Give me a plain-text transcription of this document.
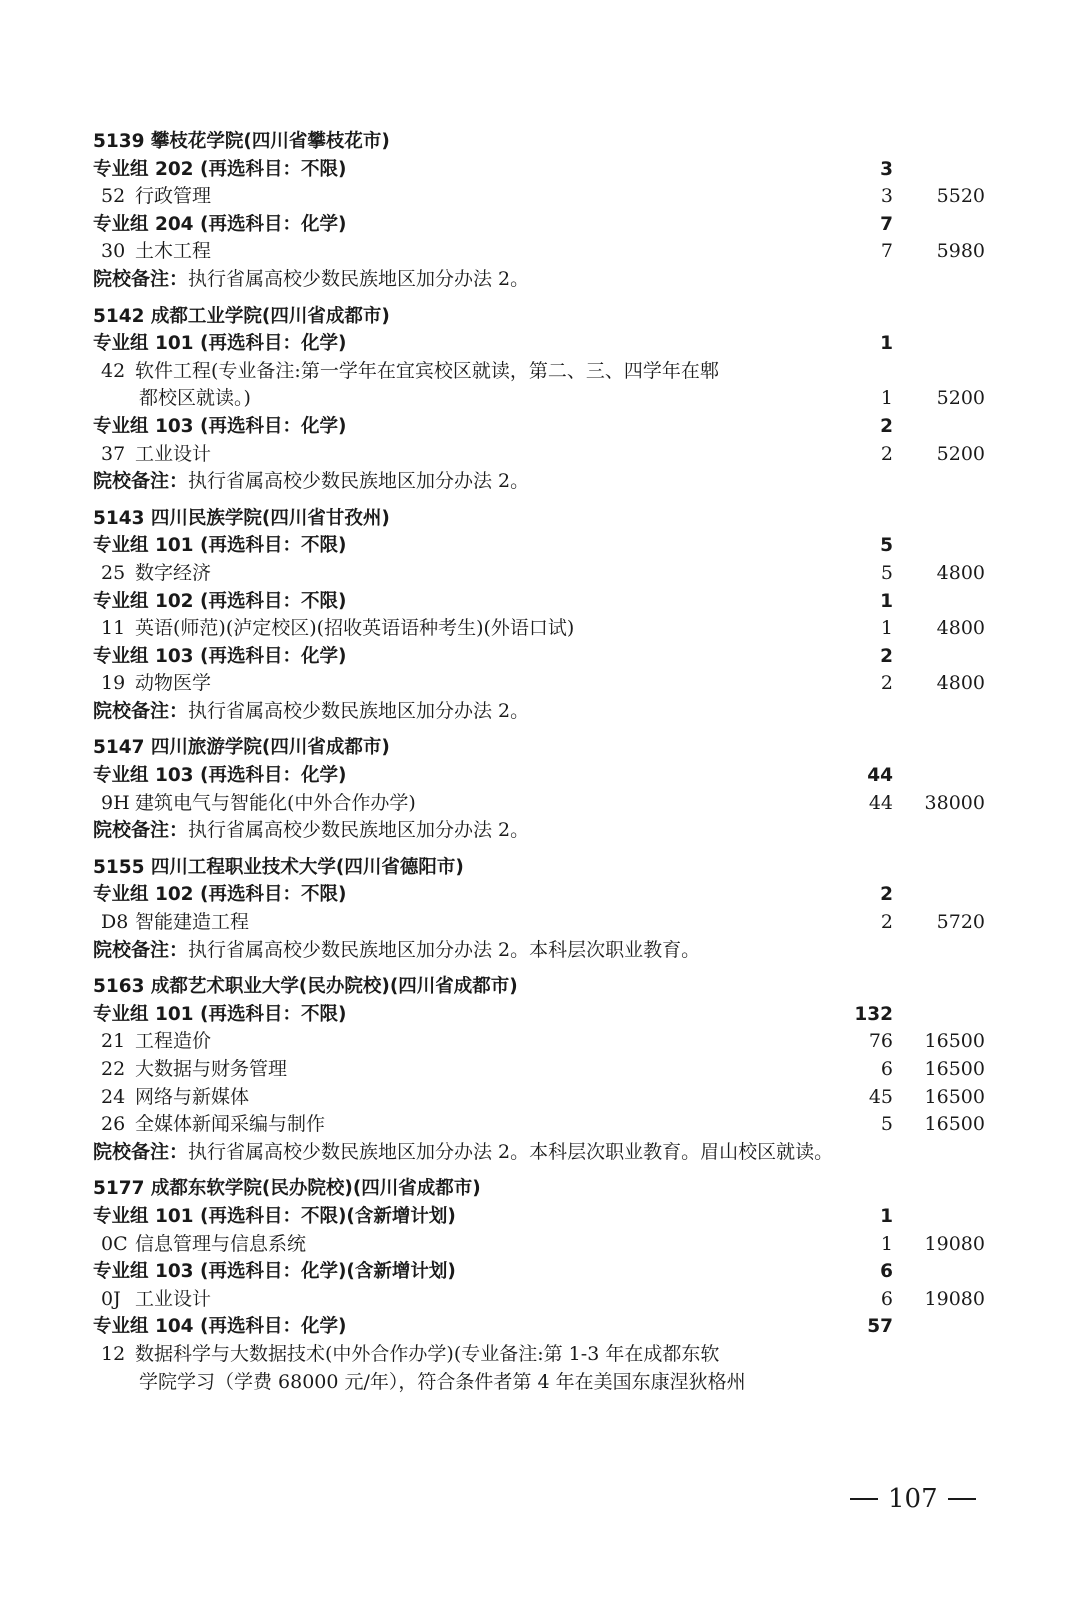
5139 攀枝花学院(四川省攀枝花市)
专业组 202 (再选科目：不限)	3
52 行政管理	3	5520
专业组 204 (再选科目：化学)	7
30 土木工程	7	5980
院校备注：执行省属高校少数民族地区加分办法 2。
5142 成都工业学院(四川省成都市)
专业组 101 (再选科目：化学)	1
42 软件工程(专业备注:第一学年在宜宾校区就读，第二、三、四学年在郫
都校区就读。)	1	5200
专业组 103 (再选科目：化学)	2
37 工业设计	2	5200
院校备注：执行省属高校少数民族地区加分办法 2。
5143 四川民族学院(四川省甘孜州)
专业组 101 (再选科目：不限)	5
25 数字经济	5	4800
专业组 102 (再选科目：不限)	1
11 英语(师范)(泸定校区)(招收英语语种考生)(外语口试)	1	4800
专业组 103 (再选科目：化学)	2
19 动物医学	2	4800
院校备注：执行省属高校少数民族地区加分办法 2。
5147 四川旅游学院(四川省成都市)
专业组 103 (再选科目：化学)	44
9H 建筑电气与智能化(中外合作办学)	44 38000
院校备注：执行省属高校少数民族地区加分办法 2。
5155 四川工程职业技术大学(四川省德阳市)
专业组 102 (再选科目：不限)	2
D8 智能建造工程	2	5720
院校备注：执行省属高校少数民族地区加分办法 2。本科层次职业教育。
5163 成都艺术职业大学(民办院校)(四川省成都市)
专业组 101 (再选科目：不限)	132
21 工程造价	76 16500
22 大数据与财务管理	6 16500
24 网络与新媒体	45 16500
26 全媒体新闻采编与制作	5 16500
院校备注：执行省属高校少数民族地区加分办法 2。本科层次职业教育。眉山校区就读。
5177 成都东软学院(民办院校)(四川省成都市)
专业组 101 (再选科目：不限)(含新增计划)	1
0C 信息管理与信息系统	1 19080
专业组 103 (再选科目：化学)(含新增计划)	6
0J 工业设计	6 19080
专业组 104 (再选科目：化学)	57
12 数据科学与大数据技术(中外合作办学)(专业备注:第 1-3 年在成都东软
学院学习（学费 68000 元/年），符合条件者第 4 年在美国东康涅狄格州
107
